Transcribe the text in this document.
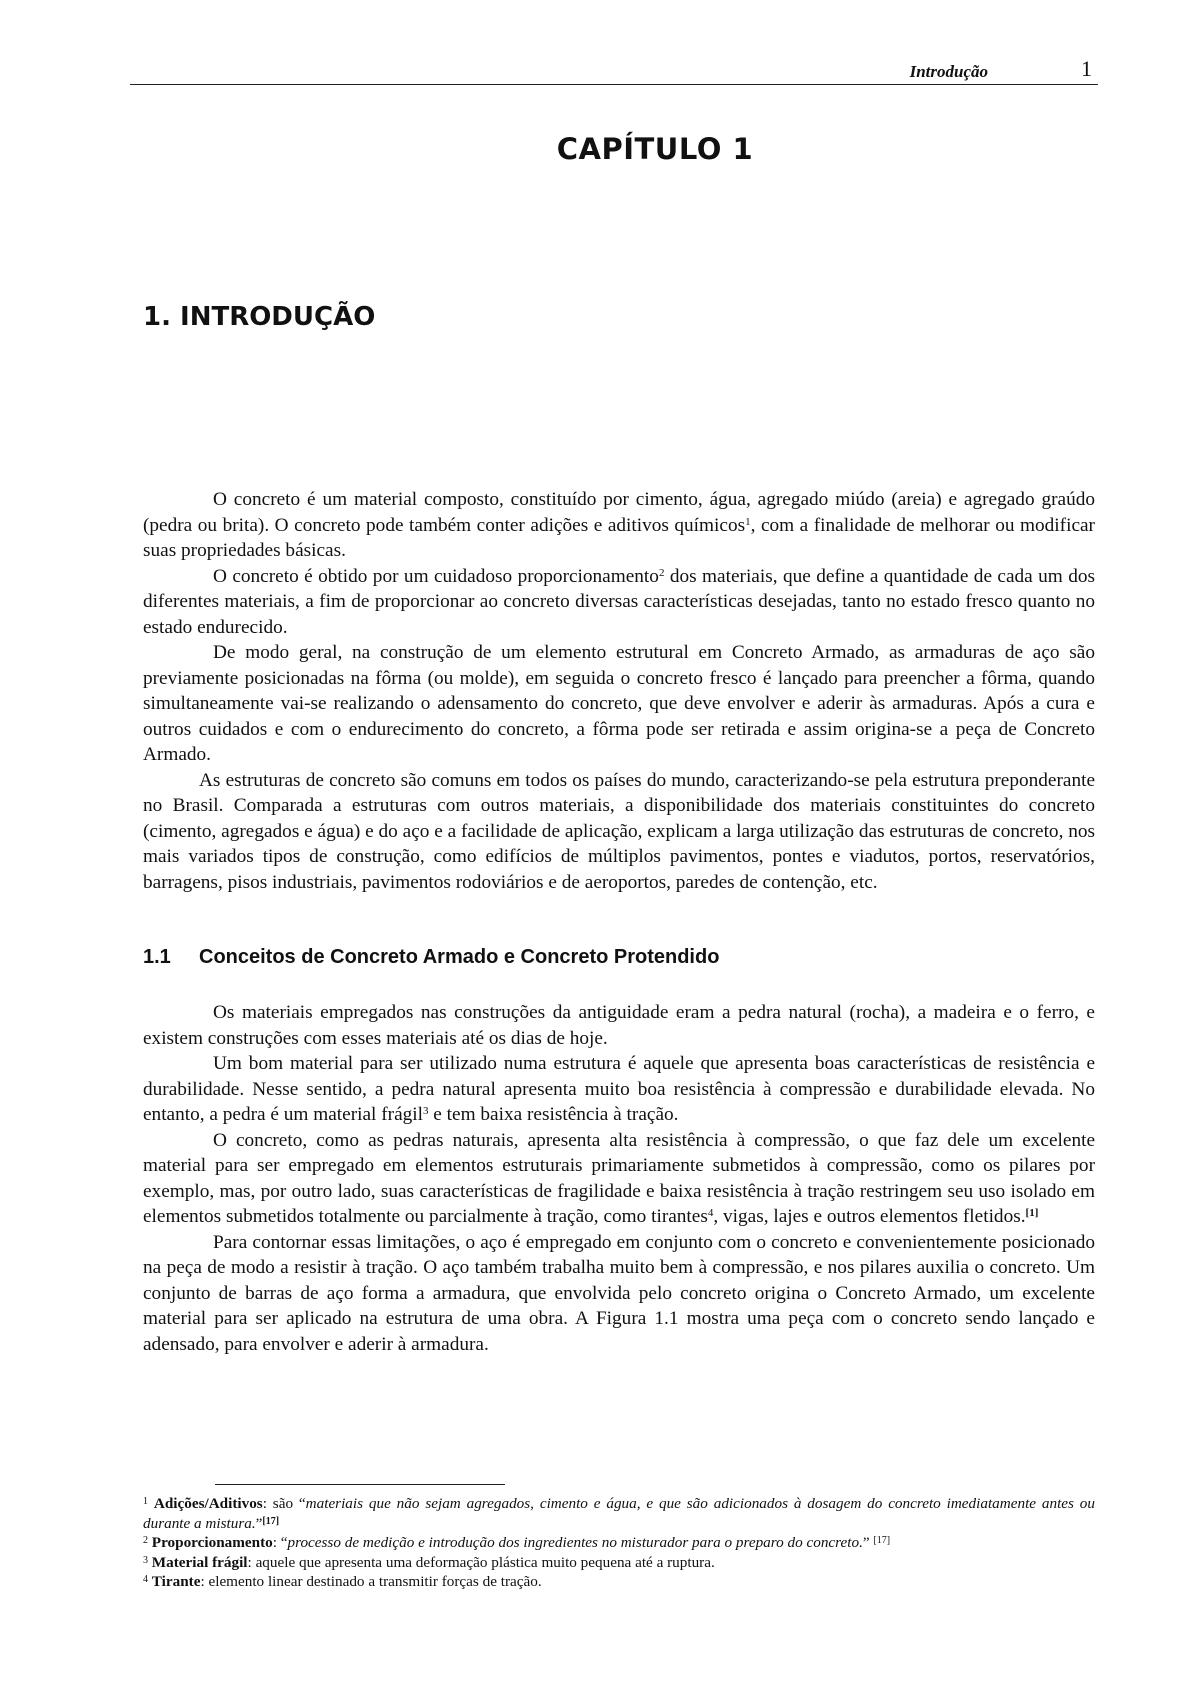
Introdução	1
CAPÍTULO 1
1. INTRODUÇÃO

O concreto é um material composto, constituído por cimento, água, agregado miúdo (areia) e agregado graúdo (pedra ou brita). O concreto pode também conter adições e aditivos químicos$^1$, com a finalidade de melhorar ou modificar suas propriedades básicas.

O concreto é obtido por um cuidadoso proporcionamento$^2$ dos materiais, que define a quantidade de cada um dos diferentes materiais, a fim de proporcionar ao concreto diversas características desejadas, tanto no estado fresco quanto no estado endurecido.

De modo geral, na construção de um elemento estrutural em Concreto Armado, as armaduras de aço são previamente posicionadas na fôrma (ou molde), em seguida o concreto fresco é lançado para preencher a fôrma, quando simultaneamente vai-se realizando o adensamento do concreto, que deve envolver e aderir às armaduras. Após a cura e outros cuidados e com o endurecimento do concreto, a fôrma pode ser retirada e assim origina-se a peça de Concreto Armado.

As estruturas de concreto são comuns em todos os países do mundo, caracterizando-se pela estrutura preponderante no Brasil. Comparada a estruturas com outros materiais, a disponibilidade dos materiais constituintes do concreto (cimento, agregados e água) e do aço e a facilidade de aplicação, explicam a larga utilização das estruturas de concreto, nos mais variados tipos de construção, como edifícios de múltiplos pavimentos, pontes e viadutos, portos, reservatórios, barragens, pisos industriais, pavimentos rodoviários e de aeroportos, paredes de contenção, etc.

1.1 Conceitos de Concreto Armado e Concreto Protendido

Os materiais empregados nas construções da antiguidade eram a pedra natural (rocha), a madeira e o ferro, e existem construções com esses materiais até os dias de hoje.

Um bom material para ser utilizado numa estrutura é aquele que apresenta boas características de resistência e durabilidade. Nesse sentido, a pedra natural apresenta muito boa resistência à compressão e durabilidade elevada. No entanto, a pedra é um material frágil$^3$ e tem baixa resistência à tração.

O concreto, como as pedras naturais, apresenta alta resistência à compressão, o que faz dele um excelente material para ser empregado em elementos estruturais primariamente submetidos à compressão, como os pilares por exemplo, mas, por outro lado, suas características de fragilidade e baixa resistência à tração restringem seu uso isolado em elementos submetidos totalmente ou parcialmente à tração, como tirantes$^4$, vigas, lajes e outros elementos fletidos.[1]

Para contornar essas limitações, o aço é empregado em conjunto com o concreto e convenientemente posicionado na peça de modo a resistir à tração. O aço também trabalha muito bem à compressão, e nos pilares auxilia o concreto. Um conjunto de barras de aço forma a armadura, que envolvida pelo concreto origina o Concreto Armado, um excelente material para ser aplicado na estrutura de uma obra. A Figura 1.1 mostra uma peça com o concreto sendo lançado e adensado, para envolver e aderir à armadura.

$^1$ Adições/Aditivos: são “materiais que não sejam agregados, cimento e água, e que são adicionados à dosagem do concreto imediatamente antes ou durante a mistura.”[17]
$^2$ Proporcionamento: “processo de medição e introdução dos ingredientes no misturador para o preparo do concreto.” [17]
$^3$ Material frágil: aquele que apresenta uma deformação plástica muito pequena até a ruptura.
$^4$ Tirante: elemento linear destinado a transmitir forças de tração.
